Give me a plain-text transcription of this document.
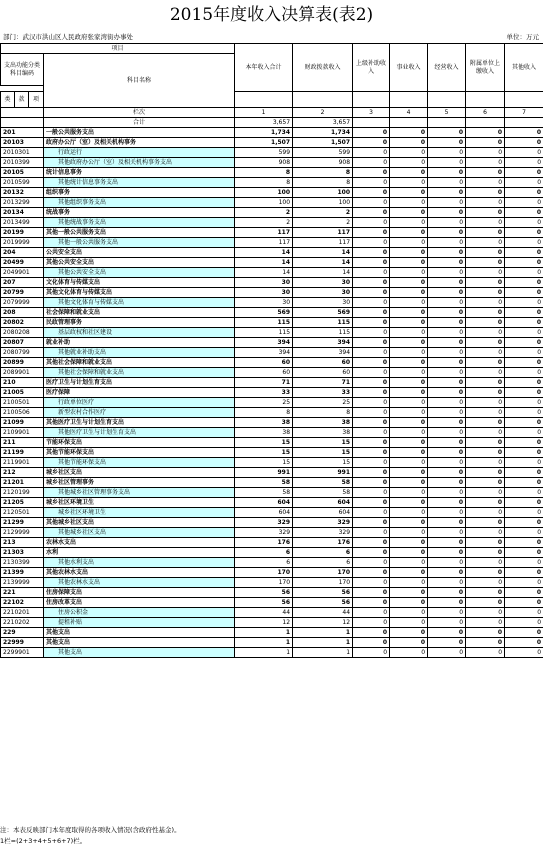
2015年度收入决算表(表2)
部门：武汉市洪山区人民政府张家湾街办事处	单位：万元
项目				本年收入合计	财政拨款收入	上级补助收入	事业收入	经营收入	附属单位上缴收入	其他收入
支出功能分类科目编码			科目名称							

类	款	项								
			栏次	1	2	3	4	5	6	7
			合计	3,657	3,657					
201			一般公共服务支出	1,734	1,734	0	0	0	0	0
20103			政府办公厅（室）及相关机构事务	1,507	1,507	0	0	0	0	0
2010301			行政运行	599	599	0	0	0	0	0
2010399			其他政府办公厅（室）及相关机构事务支出	908	908	0	0	0	0	0
20105			统计信息事务	8	8	0	0	0	0	0
2010599			其他统计信息事务支出	8	8	0	0	0	0	0
20132			组织事务	100	100	0	0	0	0	0
2013299			其他组织事务支出	100	100	0	0	0	0	0
20134			统战事务	2	2	0	0	0	0	0
2013499			其他统战事务支出	2	2	0	0	0	0	0
20199			其他一般公共服务支出	117	117	0	0	0	0	0
2019999			其他一般公共服务支出	117	117	0	0	0	0	0
204			公共安全支出	14	14	0	0	0	0	0
20499			其他公共安全支出	14	14	0	0	0	0	0
2049901			其他公共安全支出	14	14	0	0	0	0	0
207			文化体育与传媒支出	30	30	0	0	0	0	0
20799			其他文化体育与传媒支出	30	30	0	0	0	0	0
2079999			其他文化体育与传媒支出	30	30	0	0	0	0	0
208			社会保障和就业支出	569	569	0	0	0	0	0
20802			民政管理事务	115	115	0	0	0	0	0
2080208			基层政权和社区建设	115	115	0	0	0	0	0
20807			就业补助	394	394	0	0	0	0	0
2080799			其他就业补助支出	394	394	0	0	0	0	0
20899			其他社会保障和就业支出	60	60	0	0	0	0	0
2089901			其他社会保障和就业支出	60	60	0	0	0	0	0
210			医疗卫生与计划生育支出	71	71	0	0	0	0	0
21005			医疗保障	33	33	0	0	0	0	0
2100501			行政单位医疗	25	25	0	0	0	0	0
2100506			新型农村合作医疗	8	8	0	0	0	0	0
21099			其他医疗卫生与计划生育支出	38	38	0	0	0	0	0
2109901			其他医疗卫生与计划生育支出	38	38	0	0	0	0	0
211			节能环保支出	15	15	0	0	0	0	0
21199			其他节能环保支出	15	15	0	0	0	0	0
2119901			其他节能环保支出	15	15	0	0	0	0	0
212			城乡社区支出	991	991	0	0	0	0	0
21201			城乡社区管理事务	58	58	0	0	0	0	0
2120199			其他城乡社区管理事务支出	58	58	0	0	0	0	0
21205			城乡社区环境卫生	604	604	0	0	0	0	0
2120501			城乡社区环境卫生	604	604	0	0	0	0	0
21299			其他城乡社区支出	329	329	0	0	0	0	0
2129999			其他城乡社区支出	329	329	0	0	0	0	0
213			农林水支出	176	176	0	0	0	0	0
21303			水利	6	6	0	0	0	0	0
2130399			其他水利支出	6	6	0	0	0	0	0
21399			其他农林水支出	170	170	0	0	0	0	0
2139999			其他农林水支出	170	170	0	0	0	0	0
221			住房保障支出	56	56	0	0	0	0	0
22102			住房改革支出	56	56	0	0	0	0	0
2210201			住房公积金	44	44	0	0	0	0	0
2210202			提租补贴	12	12	0	0	0	0	0
229			其他支出	1	1	0	0	0	0	0
22999			其他支出	1	1	0	0	0	0	0
2299901			其他支出	1	1	0	0	0	0	0
注：本表反映部门本年度取得的各项收入情况(含政府性基金)。
1栏=(2+3+4+5+6+7)栏。
